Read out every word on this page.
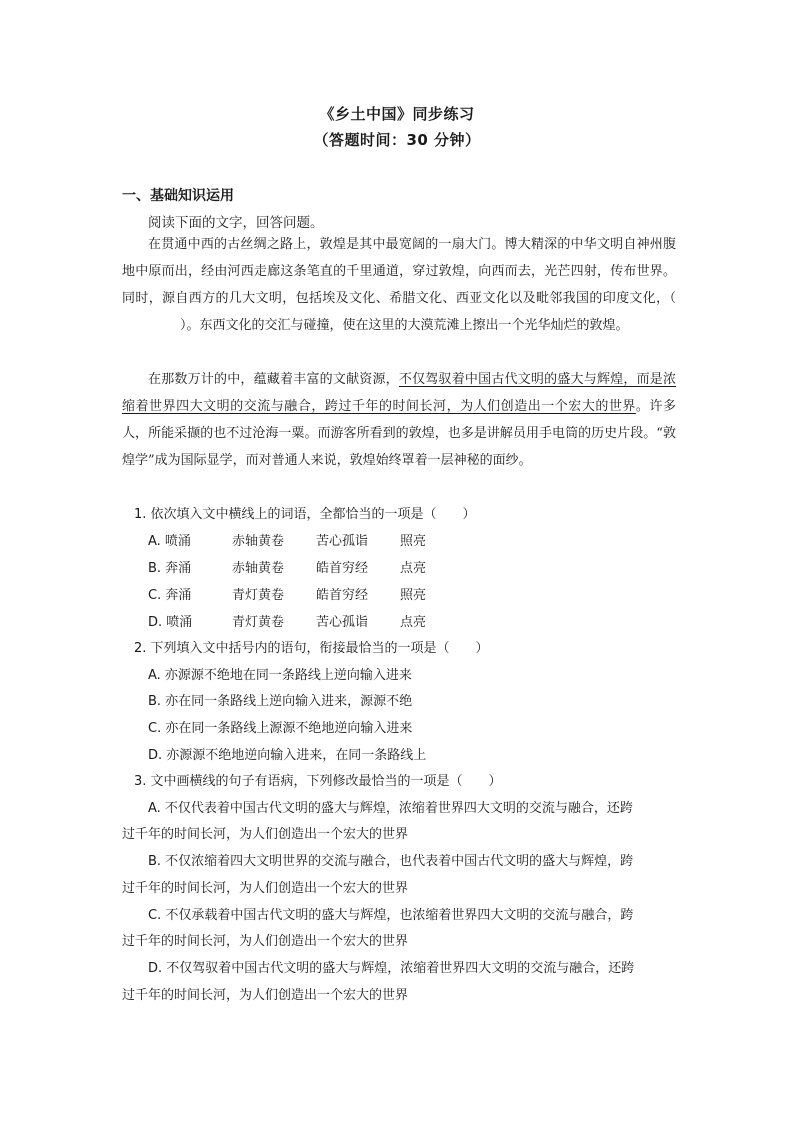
《乡土中国》同步练习
（答题时间：30 分钟）
一、基础知识运用
阅读下面的文字，回答问题。

在贯通中西的古丝绸之路上，敦煌是其中最宽阔的一扇大门。博大精深的中华文明自神州腹地中原而出，经由河西走廊这条笔直的千里通道，穿过敦煌，向西而去，光芒四射，传布世界。同时，源自西方的几大文明，包括埃及文化、希腊文化、西亚文化以及毗邻我国的印度文化，（）。东西文化的交汇与碰撞，使在这里的大漠荒滩上擦出一个光华灿烂的敦煌。

在那数万计的中，蕴藏着丰富的文献资源，不仅驾驭着中国古代文明的盛大与辉煌，而是浓缩着世界四大文明的交流与融合，跨过千年的时间长河，为人们创造出一个宏大的世界。许多人，所能采撷的也不过沧海一粟。而游客所看到的敦煌，也多是讲解员用手电筒的历史片段。“敦煌学”成为国际显学，而对普通人来说，敦煌始终罩着一层神秘的面纱。

1. 依次填入文中横线上的词语，全都恰当的一项是（　　）
A. 喷涌	赤轴黄卷 苦心孤诣 照亮
B. 奔涌	赤轴黄卷 皓首穷经 点亮
C. 奔涌	青灯黄卷 皓首穷经 照亮
D. 喷涌	青灯黄卷 苦心孤诣 点亮
2. 下列填入文中括号内的语句，衔接最恰当的一项是（　　）
A. 亦源源不绝地在同一条路线上逆向输入进来
B. 亦在同一条路线上逆向输入进来，源源不绝
C. 亦在同一条路线上源源不绝地逆向输入进来
D. 亦源源不绝地逆向输入进来，在同一条路线上
3. 文中画横线的句子有语病，下列修改最恰当的一项是（　　）
A. 不仅代表着中国古代文明的盛大与辉煌，浓缩着世界四大文明的交流与融合，还跨
过千年的时间长河，为人们创造出一个宏大的世界
B. 不仅浓缩着四大文明世界的交流与融合，也代表着中国古代文明的盛大与辉煌，跨
过千年的时间长河，为人们创造出一个宏大的世界
C. 不仅承载着中国古代文明的盛大与辉煌，也浓缩着世界四大文明的交流与融合，跨
过千年的时间长河，为人们创造出一个宏大的世界
D. 不仅驾驭着中国古代文明的盛大与辉煌，浓缩着世界四大文明的交流与融合，还跨
过千年的时间长河，为人们创造出一个宏大的世界
